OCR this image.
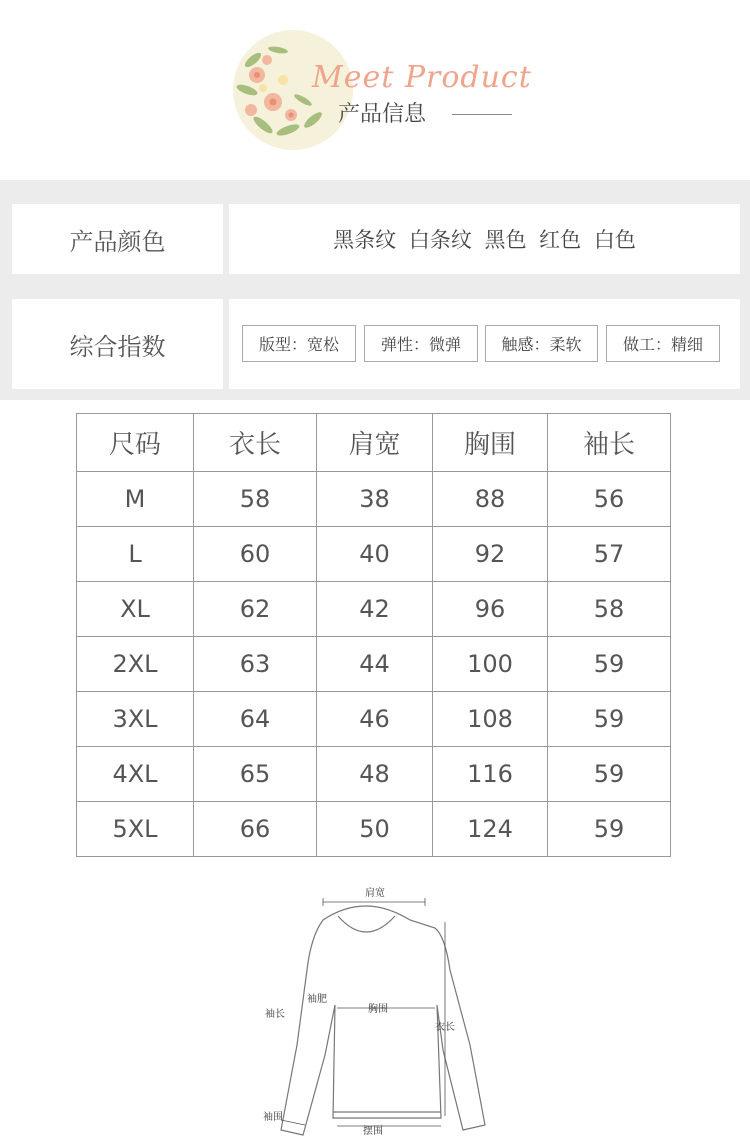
Meet Product
产品信息
产品颜色	黑条纹 白条纹 黑色 红色 白色
综合指数	版型：宽松	弹性：微弹	触感：柔软	做工：精细
尺码	衣长	肩宽	胸围	袖长
M	58	38	88	56
L	60	40	92	57
XL	62	42	96	58
2XL	63	44	100	59
3XL	64	46	108	59
4XL	65	48	116	59
5XL	66	50	124	59
肩宽
袖长
袖肥
胸围
衣长
袖围
摆围
